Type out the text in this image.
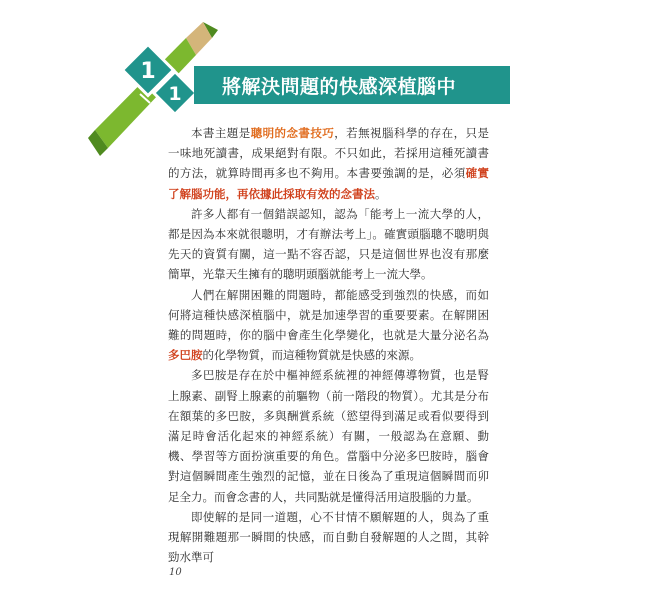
1
1 將解決問題的快感深植腦中

本書主題是聰明的念書技巧，若無視腦科學的存在，只是一味地死讀書，成果絕對有限。不只如此，若採用這種死讀書的方法，就算時間再多也不夠用。本書要強調的是，必須確實了解腦功能，再依據此採取有效的念書法。

許多人都有一個錯誤認知，認為「能考上一流大學的人，都是因為本來就很聰明，才有辦法考上」。確實頭腦聰不聰明與先天的資質有關，這一點不容否認，只是這個世界也沒有那麼簡單，光靠天生擁有的聰明頭腦就能考上一流大學。

人們在解開困難的問題時，都能感受到強烈的快感，而如何將這種快感深植腦中，就是加速學習的重要要素。在解開困難的問題時，你的腦中會產生化學變化，也就是大量分泌名為多巴胺的化學物質，而這種物質就是快感的來源。

多巴胺是存在於中樞神經系統裡的神經傳導物質，也是腎上腺素、副腎上腺素的前驅物（前一階段的物質）。尤其是分布在額葉的多巴胺，多與酬賞系統（慾望得到滿足或看似要得到滿足時會活化起來的神經系統）有關，一般認為在意願、動機、學習等方面扮演重要的角色。當腦中分泌多巴胺時，腦會對這個瞬間產生強烈的記憶，並在日後為了重現這個瞬間而卯足全力。而會念書的人，共同點就是懂得活用這股腦的力量。

即使解的是同一道題，心不甘情不願解題的人，與為了重現解開難題那一瞬間的快感，而自動自發解題的人之間，其幹勁水準可

10
